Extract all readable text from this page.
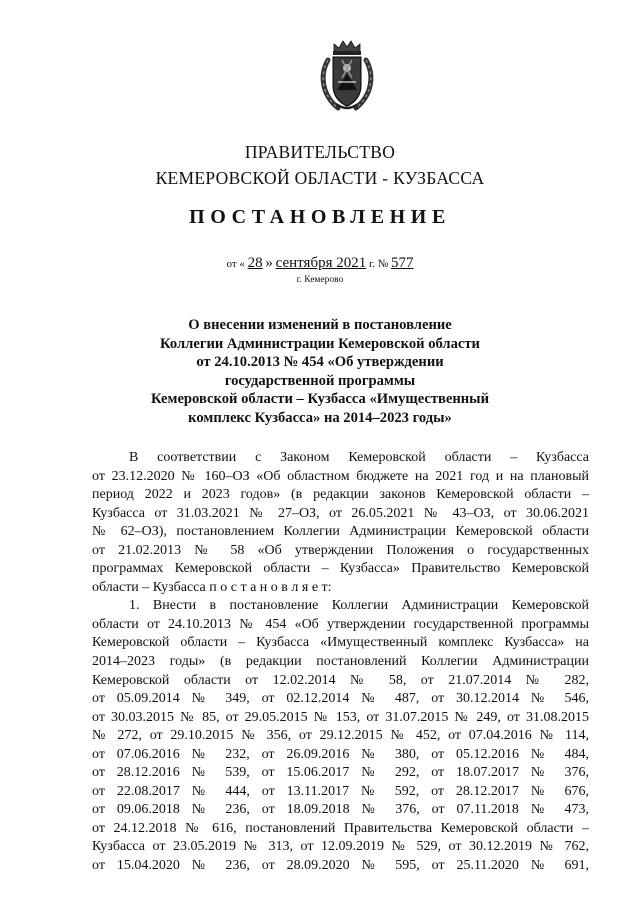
ПРАВИТЕЛЬСТВО
КЕМЕРОВСКОЙ ОБЛАСТИ - КУЗБАССА
ПОСТАНОВЛЕНИЕ
от « 28 » сентября 2021 г. № 577
г. Кемерово
О внесении изменений в постановление
Коллегии Администрации Кемеровской области
от 24.10.2013 № 454 «Об утверждении
государственной программы
Кемеровской области – Кузбасса «Имущественный
комплекс Кузбасса» на 2014–2023 годы»
В соответствии с Законом Кемеровской области – Кузбасса
от 23.12.2020 № 160–ОЗ «Об областном бюджете на 2021 год и на плановый
период 2022 и 2023 годов» (в редакции законов Кемеровской области –
Кузбасса от 31.03.2021 № 27–ОЗ, от 26.05.2021 № 43–ОЗ, от 30.06.2021
№ 62–ОЗ), постановлением Коллегии Администрации Кемеровской области
от 21.02.2013 № 58 «Об утверждении Положения о государственных
программах Кемеровской области – Кузбасса» Правительство Кемеровской
области – Кузбасса п о с т а н о в л я е т:
1. Внести в постановление Коллегии Администрации Кемеровской
области от 24.10.2013 № 454 «Об утверждении государственной программы
Кемеровской области – Кузбасса «Имущественный комплекс Кузбасса» на
2014–2023 годы» (в редакции постановлений Коллегии Администрации
Кемеровской области от 12.02.2014 № 58, от 21.07.2014 № 282,
от 05.09.2014 № 349, от 02.12.2014 № 487, от 30.12.2014 № 546,
от 30.03.2015 № 85, от 29.05.2015 № 153, от 31.07.2015 № 249, от 31.08.2015
№ 272, от 29.10.2015 № 356, от 29.12.2015 № 452, от 07.04.2016 № 114,
от 07.06.2016 № 232, от 26.09.2016 № 380, от 05.12.2016 № 484,
от 28.12.2016 № 539, от 15.06.2017 № 292, от 18.07.2017 № 376,
от 22.08.2017 № 444, от 13.11.2017 № 592, от 28.12.2017 № 676,
от 09.06.2018 № 236, от 18.09.2018 № 376, от 07.11.2018 № 473,
от 24.12.2018 № 616, постановлений Правительства Кемеровской области –
Кузбасса от 23.05.2019 № 313, от 12.09.2019 № 529, от 30.12.2019 № 762,
от 15.04.2020 № 236, от 28.09.2020 № 595, от 25.11.2020 № 691,
